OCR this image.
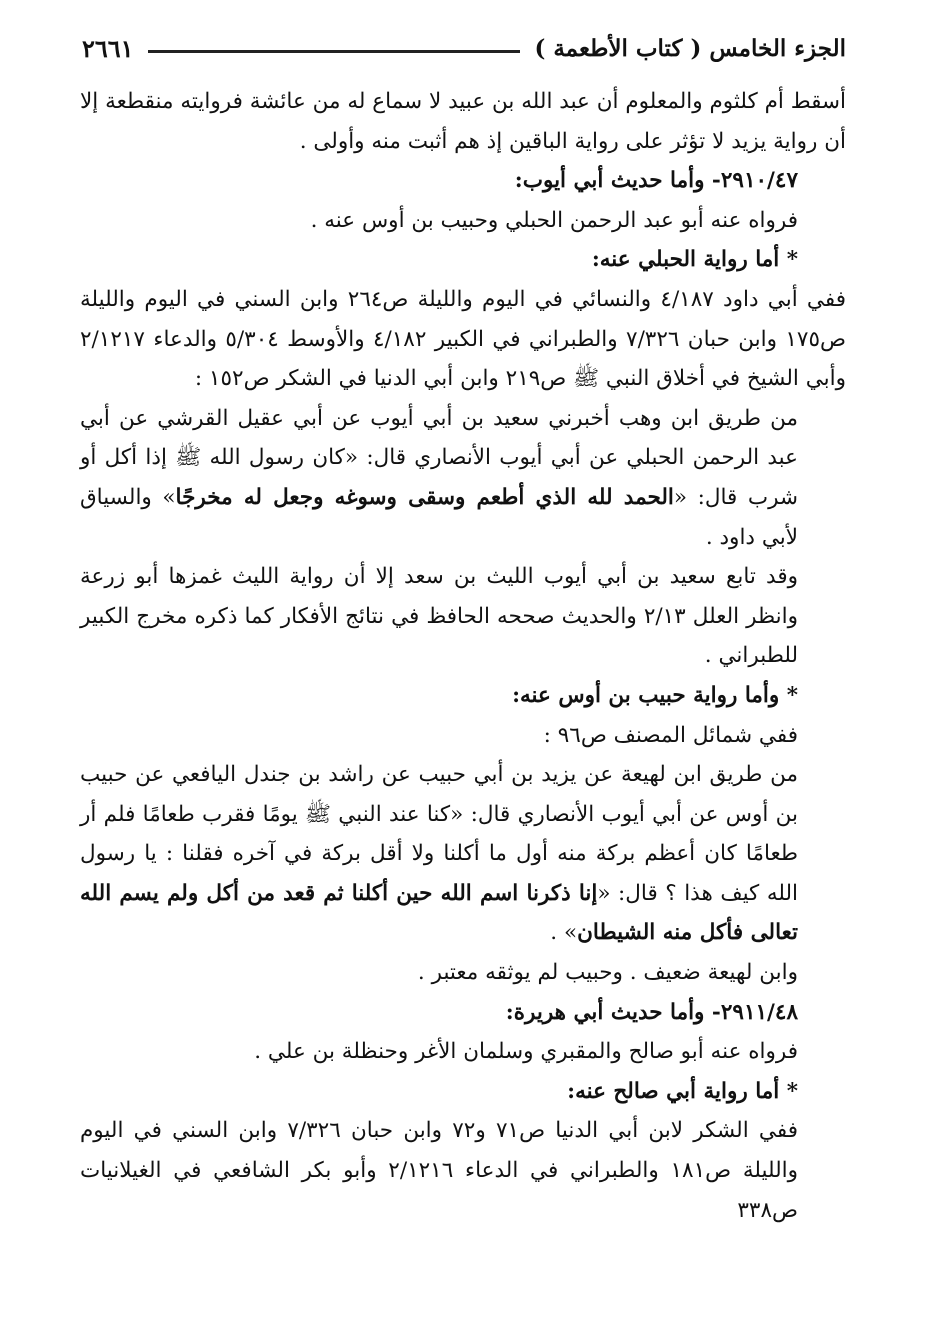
الجزء الخامس ( كتاب الأطعمة )
٢٦٦١

أسقط أم كلثوم والمعلوم أن عبد الله بن عبيد لا سماع له من عائشة فروايته منقطعة إلا أن رواية يزيد لا تؤثر على رواية الباقين إذ هم أثبت منه وأولى .

٢٩١٠/٤٧- وأما حديث أبي أيوب:

فرواه عنه أبو عبد الرحمن الحبلي وحبيب بن أوس عنه .

* أما رواية الحبلي عنه:

ففي أبي داود ٤/١٨٧ والنسائي في اليوم والليلة ص٢٦٤ وابن السني في اليوم والليلة ص١٧٥ وابن حبان ٧/٣٢٦ والطبراني في الكبير ٤/١٨٢ والأوسط ٥/٣٠٤ والدعاء ٢/١٢١٧ وأبي الشيخ في أخلاق النبي ﷺ ص٢١٩ وابن أبي الدنيا في الشكر ص١٥٢ :

من طريق ابن وهب أخبرني سعيد بن أبي أيوب عن أبي عقيل القرشي عن أبي عبد الرحمن الحبلي عن أبي أيوب الأنصاري قال: «كان رسول الله ﷺ إذا أكل أو شرب قال: «الحمد لله الذي أطعم وسقى وسوغه وجعل له مخرجًا» والسياق لأبي داود .

وقد تابع سعيد بن أبي أيوب الليث بن سعد إلا أن رواية الليث غمزها أبو زرعة وانظر العلل ٢/١٣ والحديث صححه الحافظ في نتائج الأفكار كما ذكره مخرج الكبير للطبراني .

* وأما رواية حبيب بن أوس عنه:

ففي شمائل المصنف ص٩٦ :

من طريق ابن لهيعة عن يزيد بن أبي حبيب عن راشد بن جندل اليافعي عن حبيب بن أوس عن أبي أيوب الأنصاري قال: «كنا عند النبي ﷺ يومًا فقرب طعامًا فلم أر طعامًا كان أعظم بركة منه أول ما أكلنا ولا أقل بركة في آخره فقلنا : يا رسول الله كيف هذا ؟ قال: «إنا ذكرنا اسم الله حين أكلنا ثم قعد من أكل ولم يسم الله تعالى فأكل منه الشيطان» .

وابن لهيعة ضعيف . وحبيب لم يوثقه معتبر .

٢٩١١/٤٨- وأما حديث أبي هريرة:

فرواه عنه أبو صالح والمقبري وسلمان الأغر وحنظلة بن علي .

* أما رواية أبي صالح عنه:

ففي الشكر لابن أبي الدنيا ص٧١ و٧٢ وابن حبان ٧/٣٢٦ وابن السني في اليوم والليلة ص١٨١ والطبراني في الدعاء ٢/١٢١٦ وأبو بكر الشافعي في الغيلانيات ص٣٣٨
